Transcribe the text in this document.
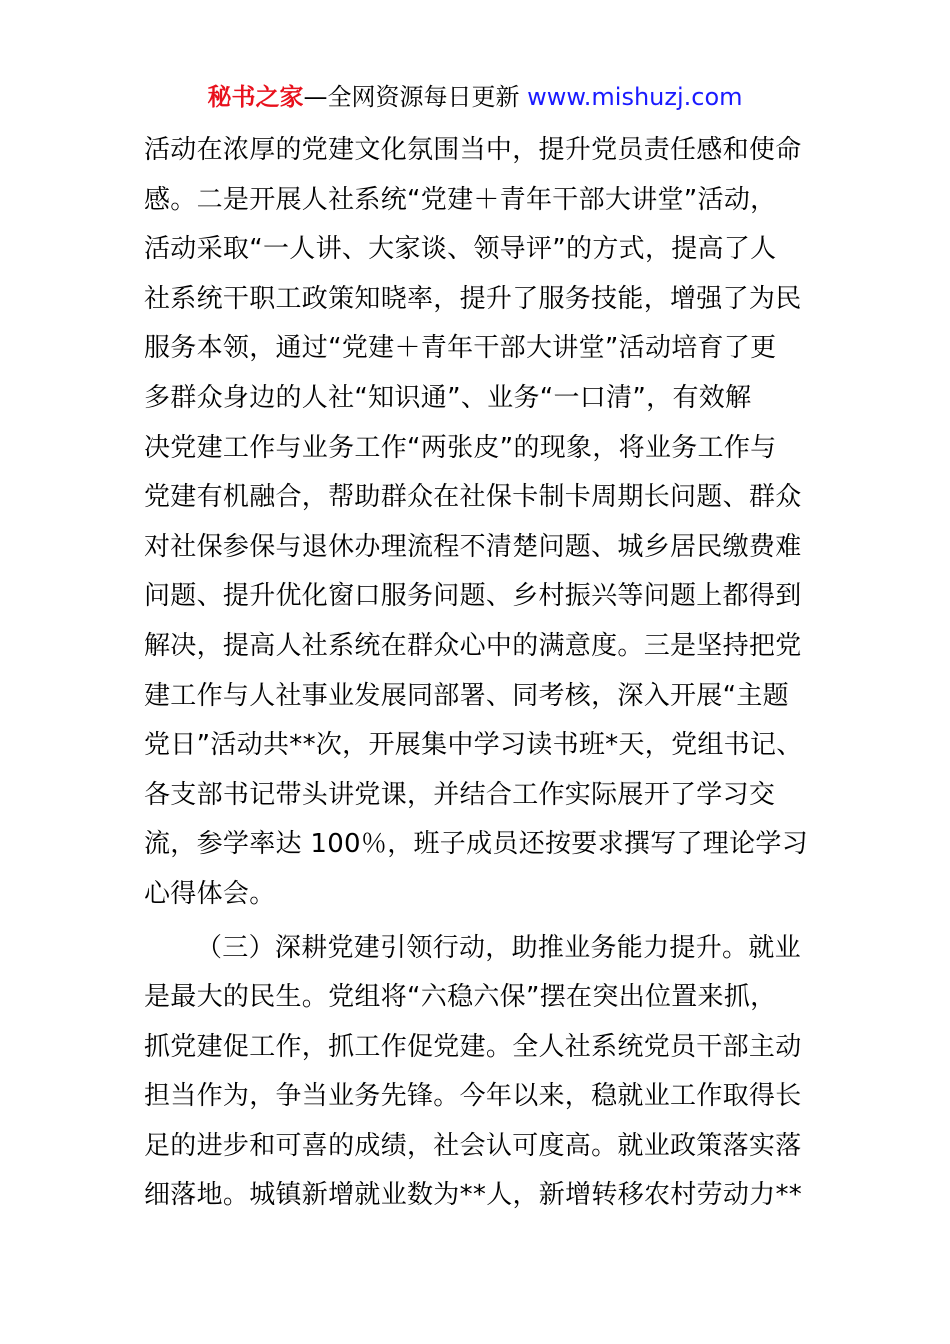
秘书之家—全网资源每日更新 www.mishuzj.com
活动在浓厚的党建文化氛围当中，提升党员责任感和使命
感。二是开展人社系统“党建＋青年干部大讲堂”活动，
活动采取“一人讲、大家谈、领导评”的方式，提高了人
社系统干职工政策知晓率，提升了服务技能，增强了为民
服务本领，通过“党建＋青年干部大讲堂”活动培育了更
多群众身边的人社“知识通”、业务“一口清”，有效解
决党建工作与业务工作“两张皮”的现象，将业务工作与
党建有机融合，帮助群众在社保卡制卡周期长问题、群众
对社保参保与退休办理流程不清楚问题、城乡居民缴费难
问题、提升优化窗口服务问题、乡村振兴等问题上都得到
解决，提高人社系统在群众心中的满意度。三是坚持把党
建工作与人社事业发展同部署、同考核，深入开展“主题
党日”活动共**次，开展集中学习读书班*天，党组书记、
各支部书记带头讲党课，并结合工作实际展开了学习交
流，参学率达 100％，班子成员还按要求撰写了理论学习
心得体会。
（三）深耕党建引领行动，助推业务能力提升。就业
是最大的民生。党组将“六稳六保”摆在突出位置来抓，
抓党建促工作，抓工作促党建。全人社系统党员干部主动
担当作为，争当业务先锋。今年以来，稳就业工作取得长
足的进步和可喜的成绩，社会认可度高。就业政策落实落
细落地。城镇新增就业数为**人，新增转移农村劳动力**
